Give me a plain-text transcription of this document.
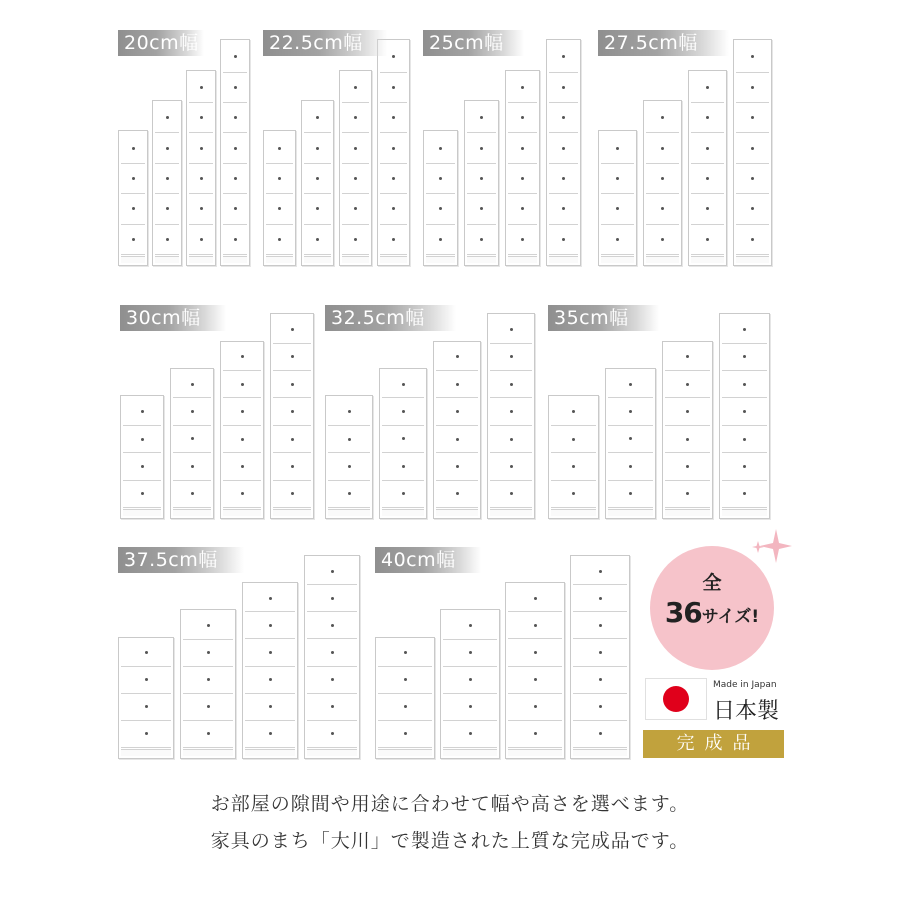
20cm幅	22.5cm幅	25cm幅	27.5cm幅
30cm幅	32.5cm幅	35cm幅
37.5cm幅	40cm幅
全
36サイズ!
Made in Japan
日本製
完成品
お部屋の隙間や用途に合わせて幅や高さを選べます。
家具のまち「大川」で製造された上質な完成品です。
